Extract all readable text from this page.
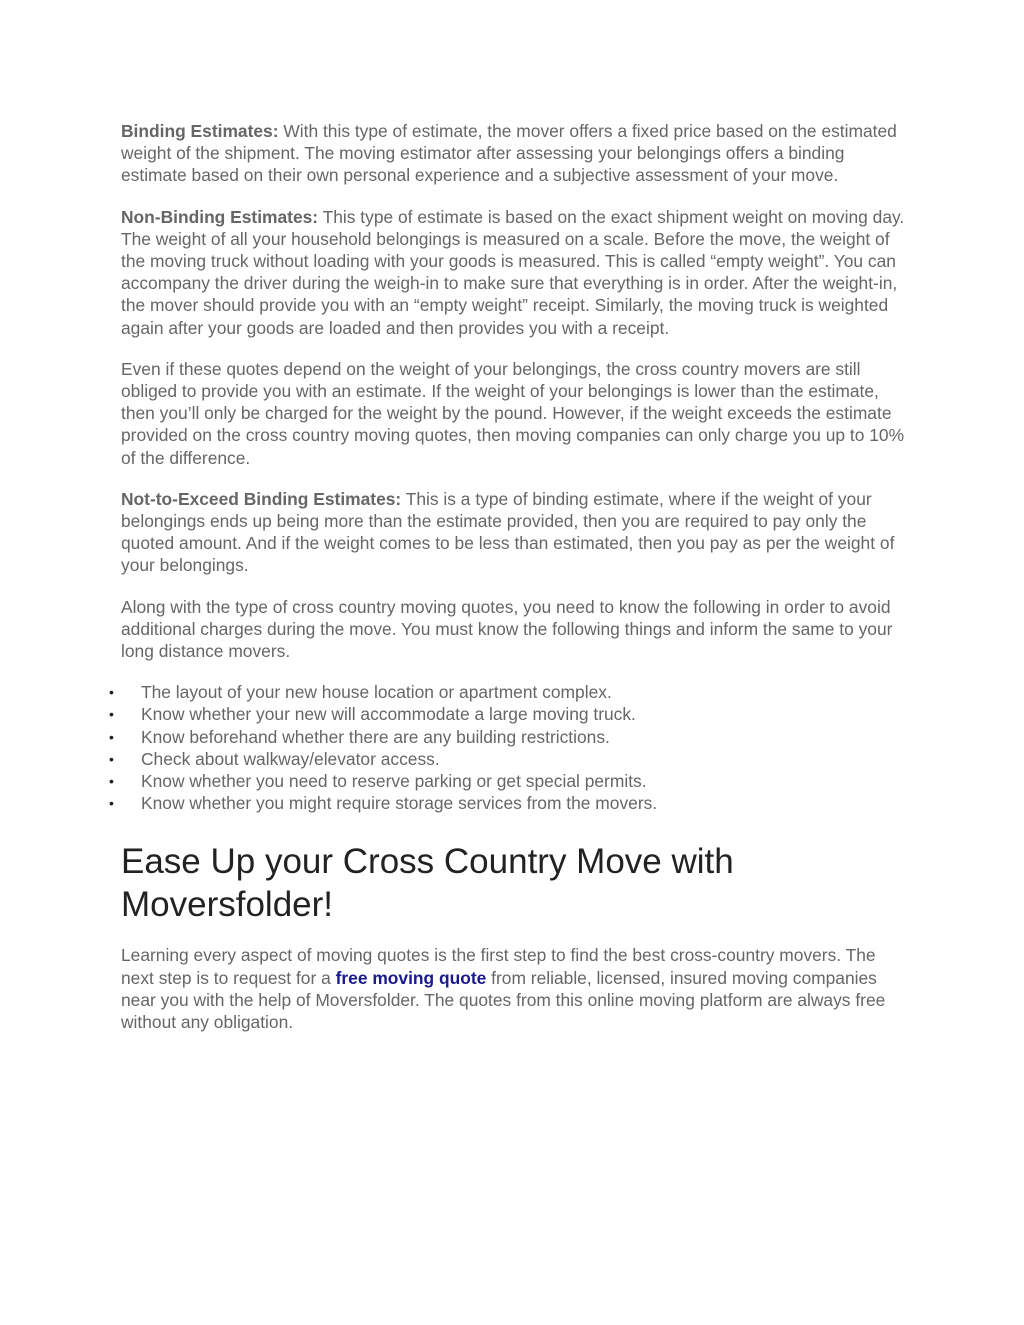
Binding Estimates: With this type of estimate, the mover offers a fixed price based on the estimated weight of the shipment. The moving estimator after assessing your belongings offers a binding estimate based on their own personal experience and a subjective assessment of your move.

Non-Binding Estimates: This type of estimate is based on the exact shipment weight on moving day. The weight of all your household belongings is measured on a scale. Before the move, the weight of the moving truck without loading with your goods is measured. This is called “empty weight”. You can accompany the driver during the weigh-in to make sure that everything is in order. After the weight-in, the mover should provide you with an “empty weight” receipt. Similarly, the moving truck is weighted again after your goods are loaded and then provides you with a receipt.

Even if these quotes depend on the weight of your belongings, the cross country movers are still obliged to provide you with an estimate. If the weight of your belongings is lower than the estimate, then you’ll only be charged for the weight by the pound. However, if the weight exceeds the estimate provided on the cross country moving quotes, then moving companies can only charge you up to 10% of the difference.

Not-to-Exceed Binding Estimates: This is a type of binding estimate, where if the weight of your belongings ends up being more than the estimate provided, then you are required to pay only the quoted amount. And if the weight comes to be less than estimated, then you pay as per the weight of your belongings.

Along with the type of cross country moving quotes, you need to know the following in order to avoid additional charges during the move. You must know the following things and inform the same to your long distance movers.

• The layout of your new house location or apartment complex.
• Know whether your new will accommodate a large moving truck.
• Know beforehand whether there are any building restrictions.
• Check about walkway/elevator access.
• Know whether you need to reserve parking or get special permits.
• Know whether you might require storage services from the movers.
Ease Up your Cross Country Move with Moversfolder!

Learning every aspect of moving quotes is the first step to find the best cross-country movers. The next step is to request for a free moving quote from reliable, licensed, insured moving companies near you with the help of Moversfolder. The quotes from this online moving platform are always free without any obligation.
